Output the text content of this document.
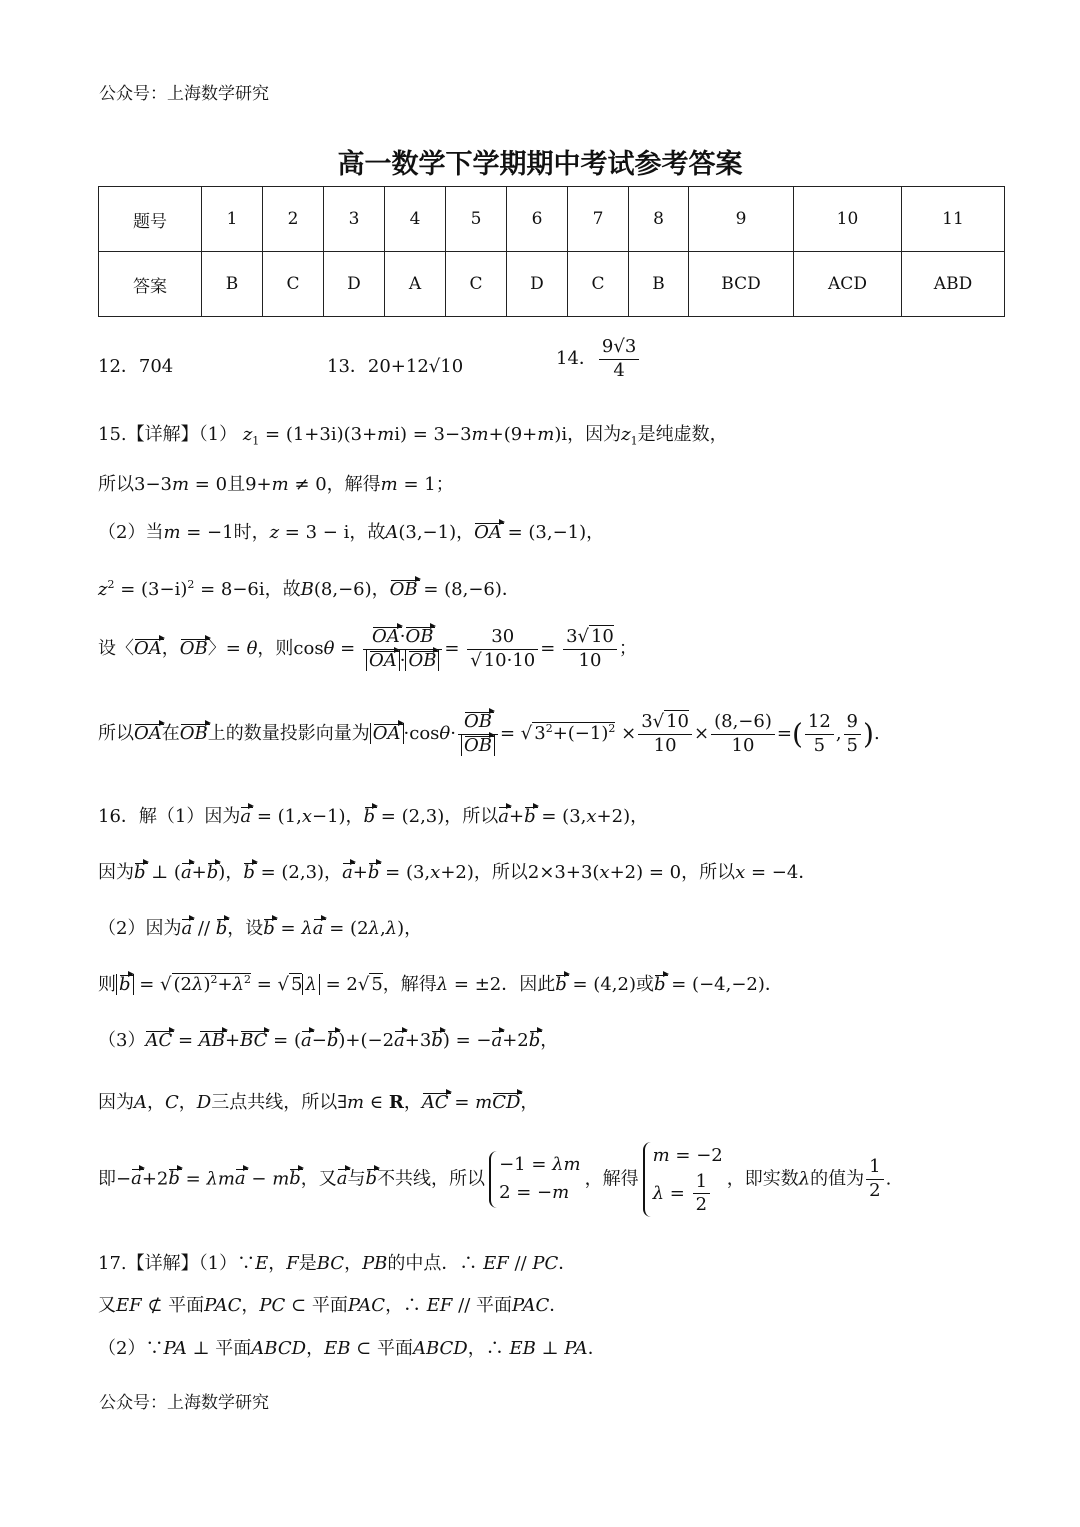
公众号：上海数学研究
高一数学下学期期中考试参考答案
题号	1	2	3	4	5	6	7	8	9	10	11
答案	B	C	D	A	C	D	C	B	BCD	ACD	ABD
12．704	13．20+12√10	14． $\frac{9√3}{4}$
15.【详解】（1） $z_1 = (1+3i)(3+mi) = 3-3m+(9+m)i$，因为$z_1$是纯虚数，
所以3−3m = 0且9+m ≠ 0，解得m = 1；
（2）当m = −1时，z = 3 − i，故A(3,−1)，OA = (3,−1)，
$z^2 = (3-i)^2 = 8-6i$，故B(8,−6)，OB = (8,−6)．
设〈OA，OB〉= θ，则$\cos\theta = \frac{OA\cdot OB}{OA \cdot OB} = \frac{30}{√ 10\cdot 10} = \frac{3√ 10}{10}$ ；
所以OA在OB上的数量投影向量为 OA $\cdot\cos\theta\cdot \frac{OB}{OB}$ = √ $3^2+(-1)^2 \times \frac{3√ 10}{10} \times \frac{(8,-6)}{10}$ =( $\frac{12}{5}$ , $\frac{9}{5}$ ).
16．解（1）因为a = (1,x−1)，b = (2,3)，所以a+b = (3,x+2)，
因为b ⊥ (a+b)，b = (2,3)，a+b = (3,x+2)，所以2×3+3(x+2) = 0，所以x = −4．
（2）因为a // b，设b = λa = (2λ,λ)，
则 b = √ $(2\lambda)^2+\lambda^2$ = √ 5 λ = 2√ 5，解得λ = ±2．因此b = (4,2)或b = (−4,−2)．
（3）AC = AB+BC = (a−b)+(−2a+3b) = −a+2b，
因为A，C，D三点共线，所以∃m ∈ R，AC = mCD，
即−a+2b = λma − mb，又a与b不共线，所以
−1 = λm
2 = −m
，解得
m = −2
$\lambda = \frac{1}{2}$ ，即实数λ的值为 $\frac{1}{2}$ .
17.【详解】（1）∵E，F是BC，PB的中点．∴ EF // PC．
又EF ⊄ 平面PAC，PC ⊂ 平面PAC，∴ EF // 平面PAC．
（2）∵PA ⊥ 平面ABCD，EB ⊂ 平面ABCD，∴ EB ⊥ PA．
公众号：上海数学研究
